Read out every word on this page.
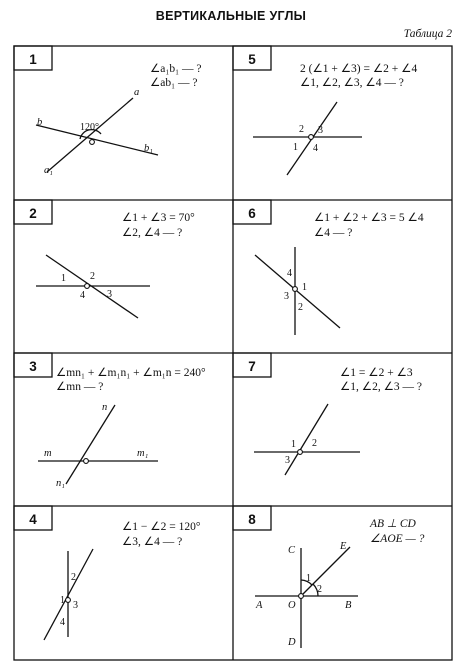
ВЕРТИКАЛЬНЫЕ УГЛЫ
Таблица 2
1
∠a₁b₁ — ?
∠ab₁ — ?
120°
a
b
a₁
b₁
5
2 (∠1 + ∠3) = ∠2 + ∠4
∠1, ∠2, ∠3, ∠4 — ?
1
2 3
4
2	∠1 + ∠3 = 70°
∠2, ∠4 — ?
1 2
3
4
6	∠1 + ∠2 + ∠3 = 5 ∠4
∠4 — ?
1
2
3
4
3 ∠mn₁ + ∠m₁n₁ + ∠m₁n = 240°
∠mn — ?
m	m₁
n
n₁
7	∠1 = ∠2 + ∠3
∠1, ∠2, ∠3 — ?
1 2
3
4	∠1 − ∠2 = 120°
∠3, ∠4 — ?
1
2
3
4
8	AB ⊥ CD
∠AOE — ?
1
2
A	B
C
D
E
O
